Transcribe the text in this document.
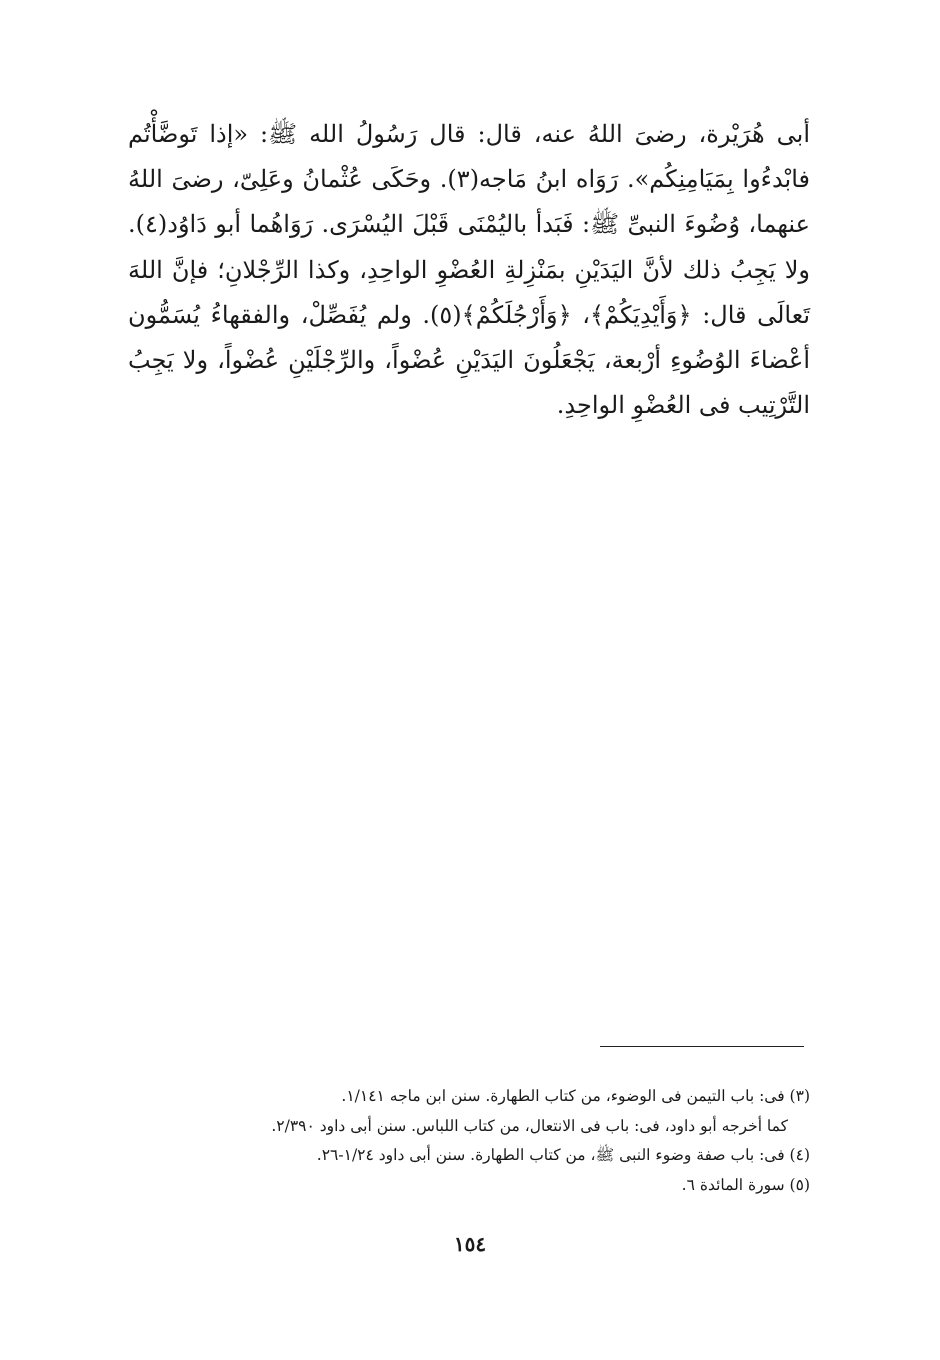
أبى هُرَيْرة، رضىَ اللهُ عنه، قال: قال رَسُولُ الله ﷺ: «إذا تَوضَّأْتُم فابْدءُوا بِمَيَامِنِكُم». رَوَاه ابنُ مَاجه(٣). وحَكَى عُثْمانُ وعَلِىّ، رضىَ اللهُ عنهما، وُضُوءَ النبىِّ ﷺ: فَبَدأ باليُمْنَى قَبْلَ اليُسْرَى. رَوَاهُما أبو دَاوُد(٤). ولا يَجِبُ ذلك لأنَّ اليَدَيْنِ بمَنْزِلةِ العُضْوِ الواحِدِ، وكذا الرِّجْلانِ؛ فإنَّ اللهَ تَعالَى قال: ﴿وَأَيْدِيَكُمْ﴾، ﴿وَأَرْجُلَكُمْ﴾(٥). ولم يُفَصِّلْ، والفقهاءُ يُسَمُّون أعْضاءَ الوُضُوءِ أرْبعة، يَجْعَلُونَ اليَدَيْنِ عُضْواً، والرِّجْلَيْنِ عُضْواً، ولا يَجِبُ التَّرْتِيب فى العُضْوِ الواحِدِ.

(٣) فى: باب التيمن فى الوضوء، من كتاب الطهارة. سنن ابن ماجه ١/١٤١.

كما أخرجه أبو داود، فى: باب فى الانتعال، من كتاب اللباس. سنن أبى داود ٢/٣٩٠.

(٤) فى: باب صفة وضوء النبى ﷺ، من كتاب الطهارة. سنن أبى داود ١/٢٤-٢٦.

(٥) سورة المائدة ٦.

١٥٤
